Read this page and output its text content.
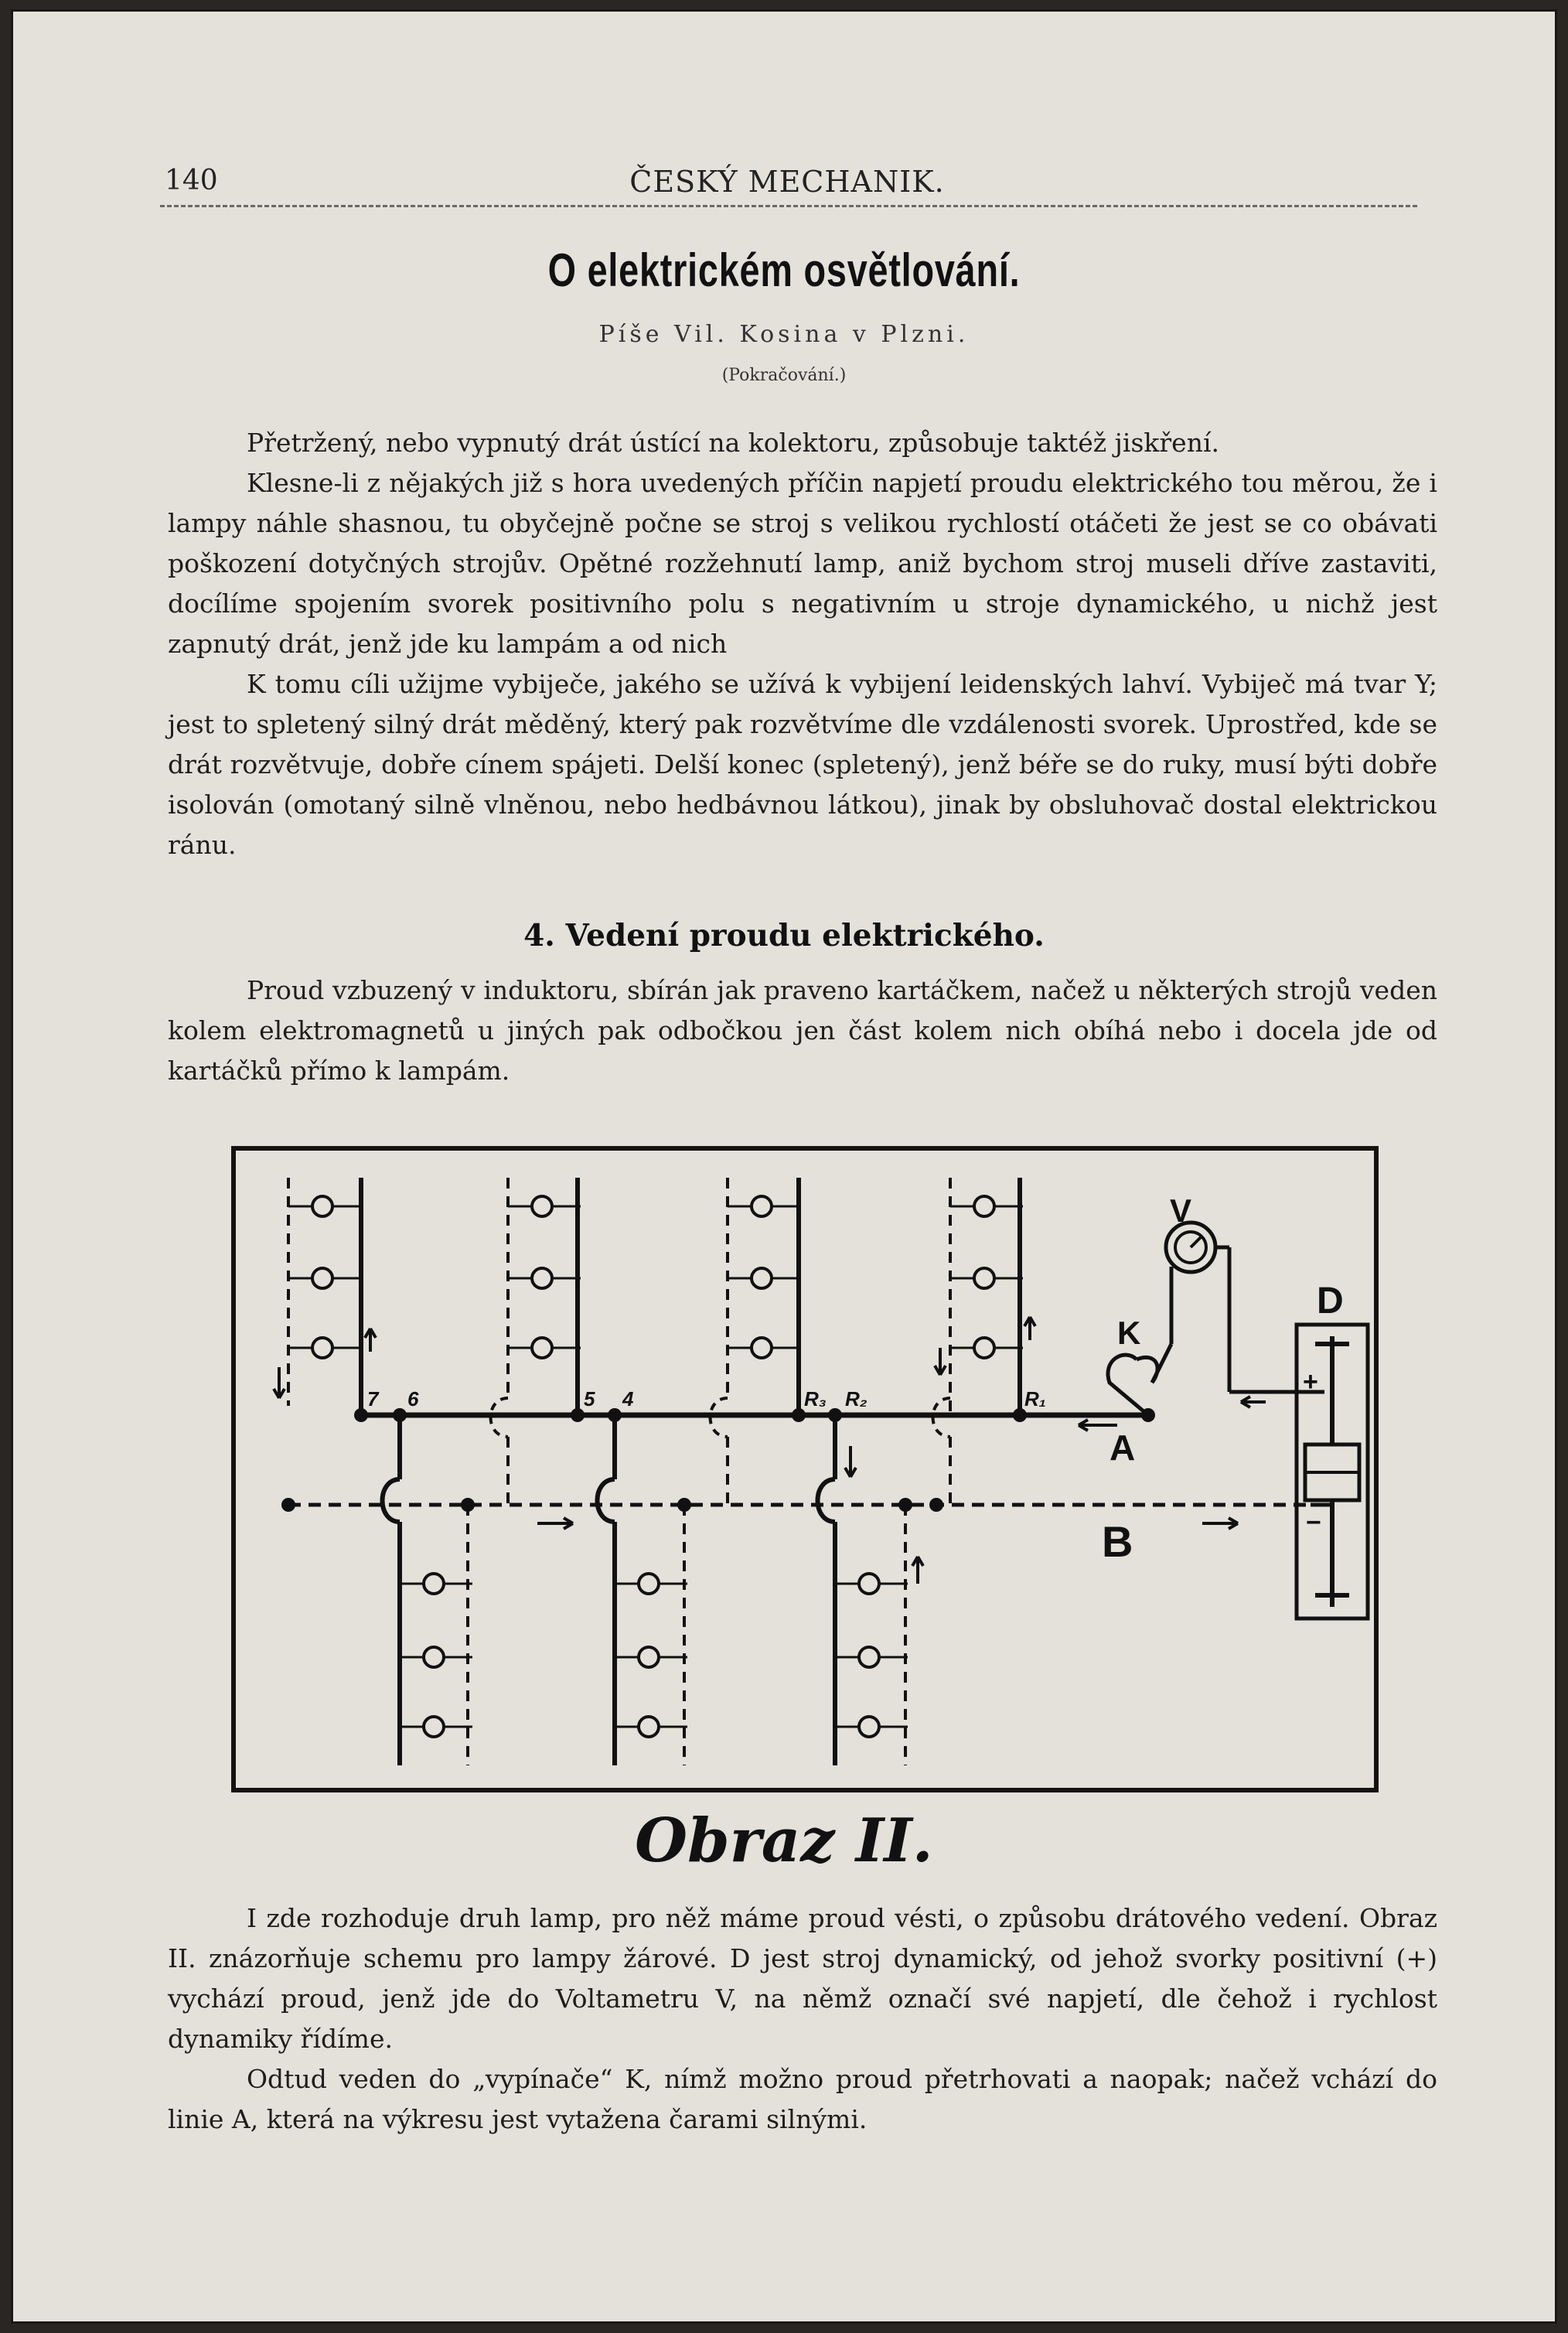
140	ČESKÝ MECHANIK.
O elektrickém osvětlování.
Píše Vil. Kosina v Plzni.
(Pokračování.)

Přetržený, nebo vypnutý drát ústící na kolektoru, způsobuje taktéž jiskření.

Klesne-li z nějakých již s hora uvedených příčin napjetí proudu elektrického tou měrou, že i lampy náhle shasnou, tu obyčejně počne se stroj s velikou rychlostí otáčeti že jest se co obávati poškození dotyčných strojův. Opětné rozžehnutí lamp, aniž bychom stroj museli dříve zastaviti, docílíme spojením svorek positivního polu s negativním u stroje dynamického, u nichž jest zapnutý drát, jenž jde ku lampám a od nich

K tomu cíli užijme vybiječe, jakého se užívá k vybijení leidenských lahví. Vybiječ má tvar Y; jest to spletený silný drát měděný, který pak rozvětvíme dle vzdálenosti svorek. Uprostřed, kde se drát rozvětvuje, dobře cínem spájeti. Delší konec (spletený), jenž béře se do ruky, musí býti dobře isolován (omotaný silně vlněnou, nebo hedbávnou látkou), jinak by obsluhovač dostal elektrickou ránu.

4. Vedení proudu elektrického.

Proud vzbuzený v induktoru, sbírán jak praveno kartáčkem, načež u některých strojů veden kolem elektromagnetů u jiných pak odbočkou jen část kolem nich obíhá nebo i docela jde od kartáčků přímo k lampám.

V
K
D
A
B
+
−
R₁
R₂
R₃
4
5
6
7
Obraz II.

I zde rozhoduje druh lamp, pro něž máme proud vésti, o způsobu drátového vedení. Obraz II. znázorňuje schemu pro lampy žárové. D jest stroj dynamický, od jehož svorky positivní (+) vychází proud, jenž jde do Voltametru V, na němž označí své napjetí, dle čehož i rychlost dynamiky řídíme.

Odtud veden do „vypínače“ K, nímž možno proud přetrhovati a naopak; načež vchází do linie A, která na výkresu jest vytažena čarami silnými.
